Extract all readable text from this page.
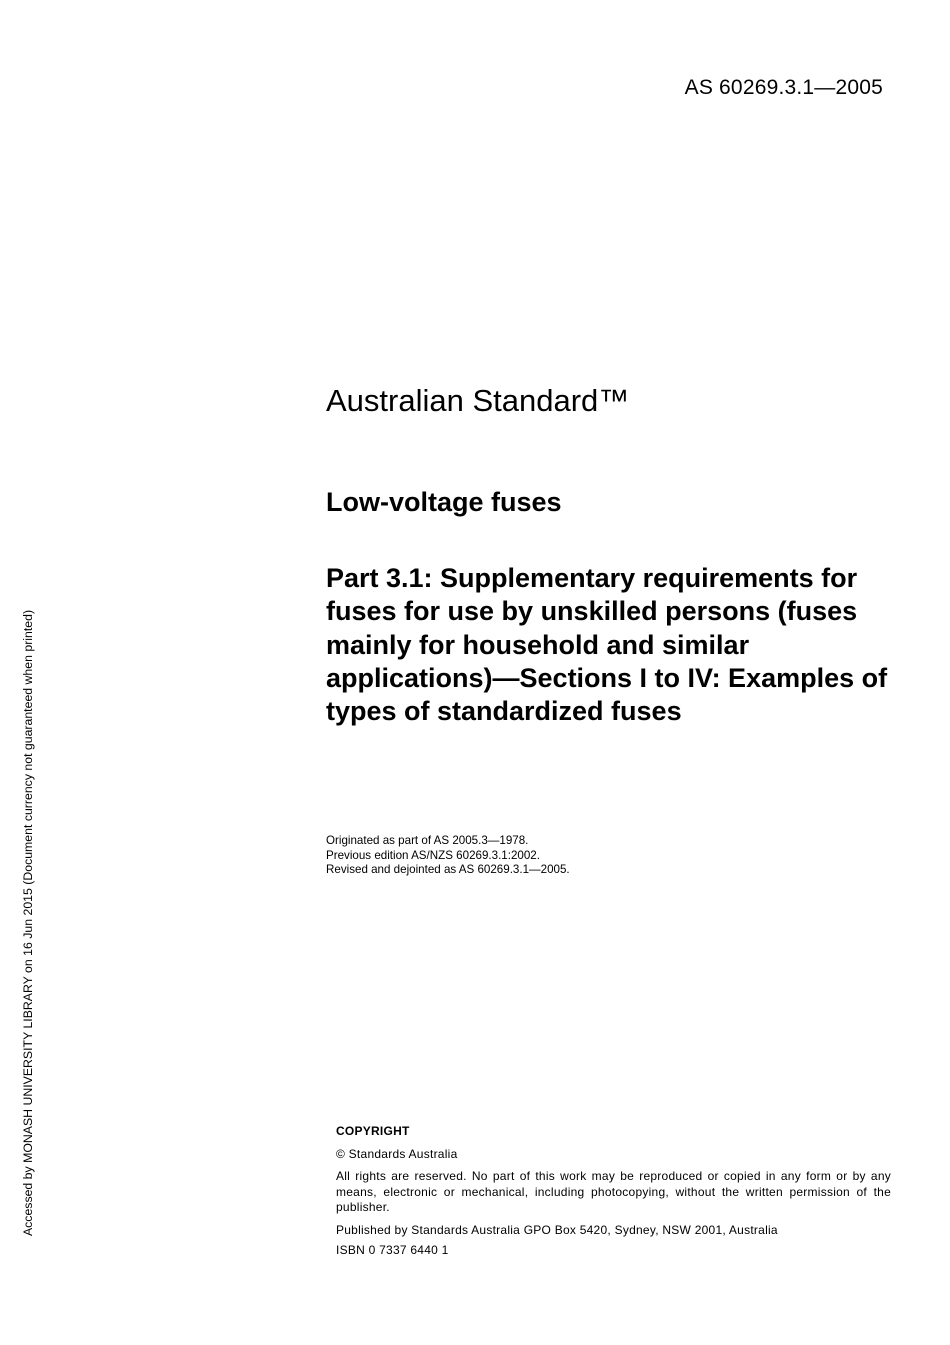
AS 60269.3.1—2005
Australian Standard™
Low-voltage fuses

Part 3.1: Supplementary requirements for fuses for use by unskilled persons (fuses mainly for household and similar applications)—Sections I to IV: Examples of types of standardized fuses

Originated as part of AS 2005.3—1978.
Previous edition AS/NZS 60269.3.1:2002.
Revised and dejointed as AS 60269.3.1—2005.
COPYRIGHT
© Standards Australia
All rights are reserved. No part of this work may be reproduced or copied in any form or by any means, electronic or mechanical, including photocopying, without the written permission of the publisher.
Published by Standards Australia GPO Box 5420, Sydney, NSW 2001, Australia
ISBN 0 7337 6440 1
Accessed by MONASH UNIVERSITY LIBRARY on 16 Jun 2015 (Document currency not guaranteed when printed)
